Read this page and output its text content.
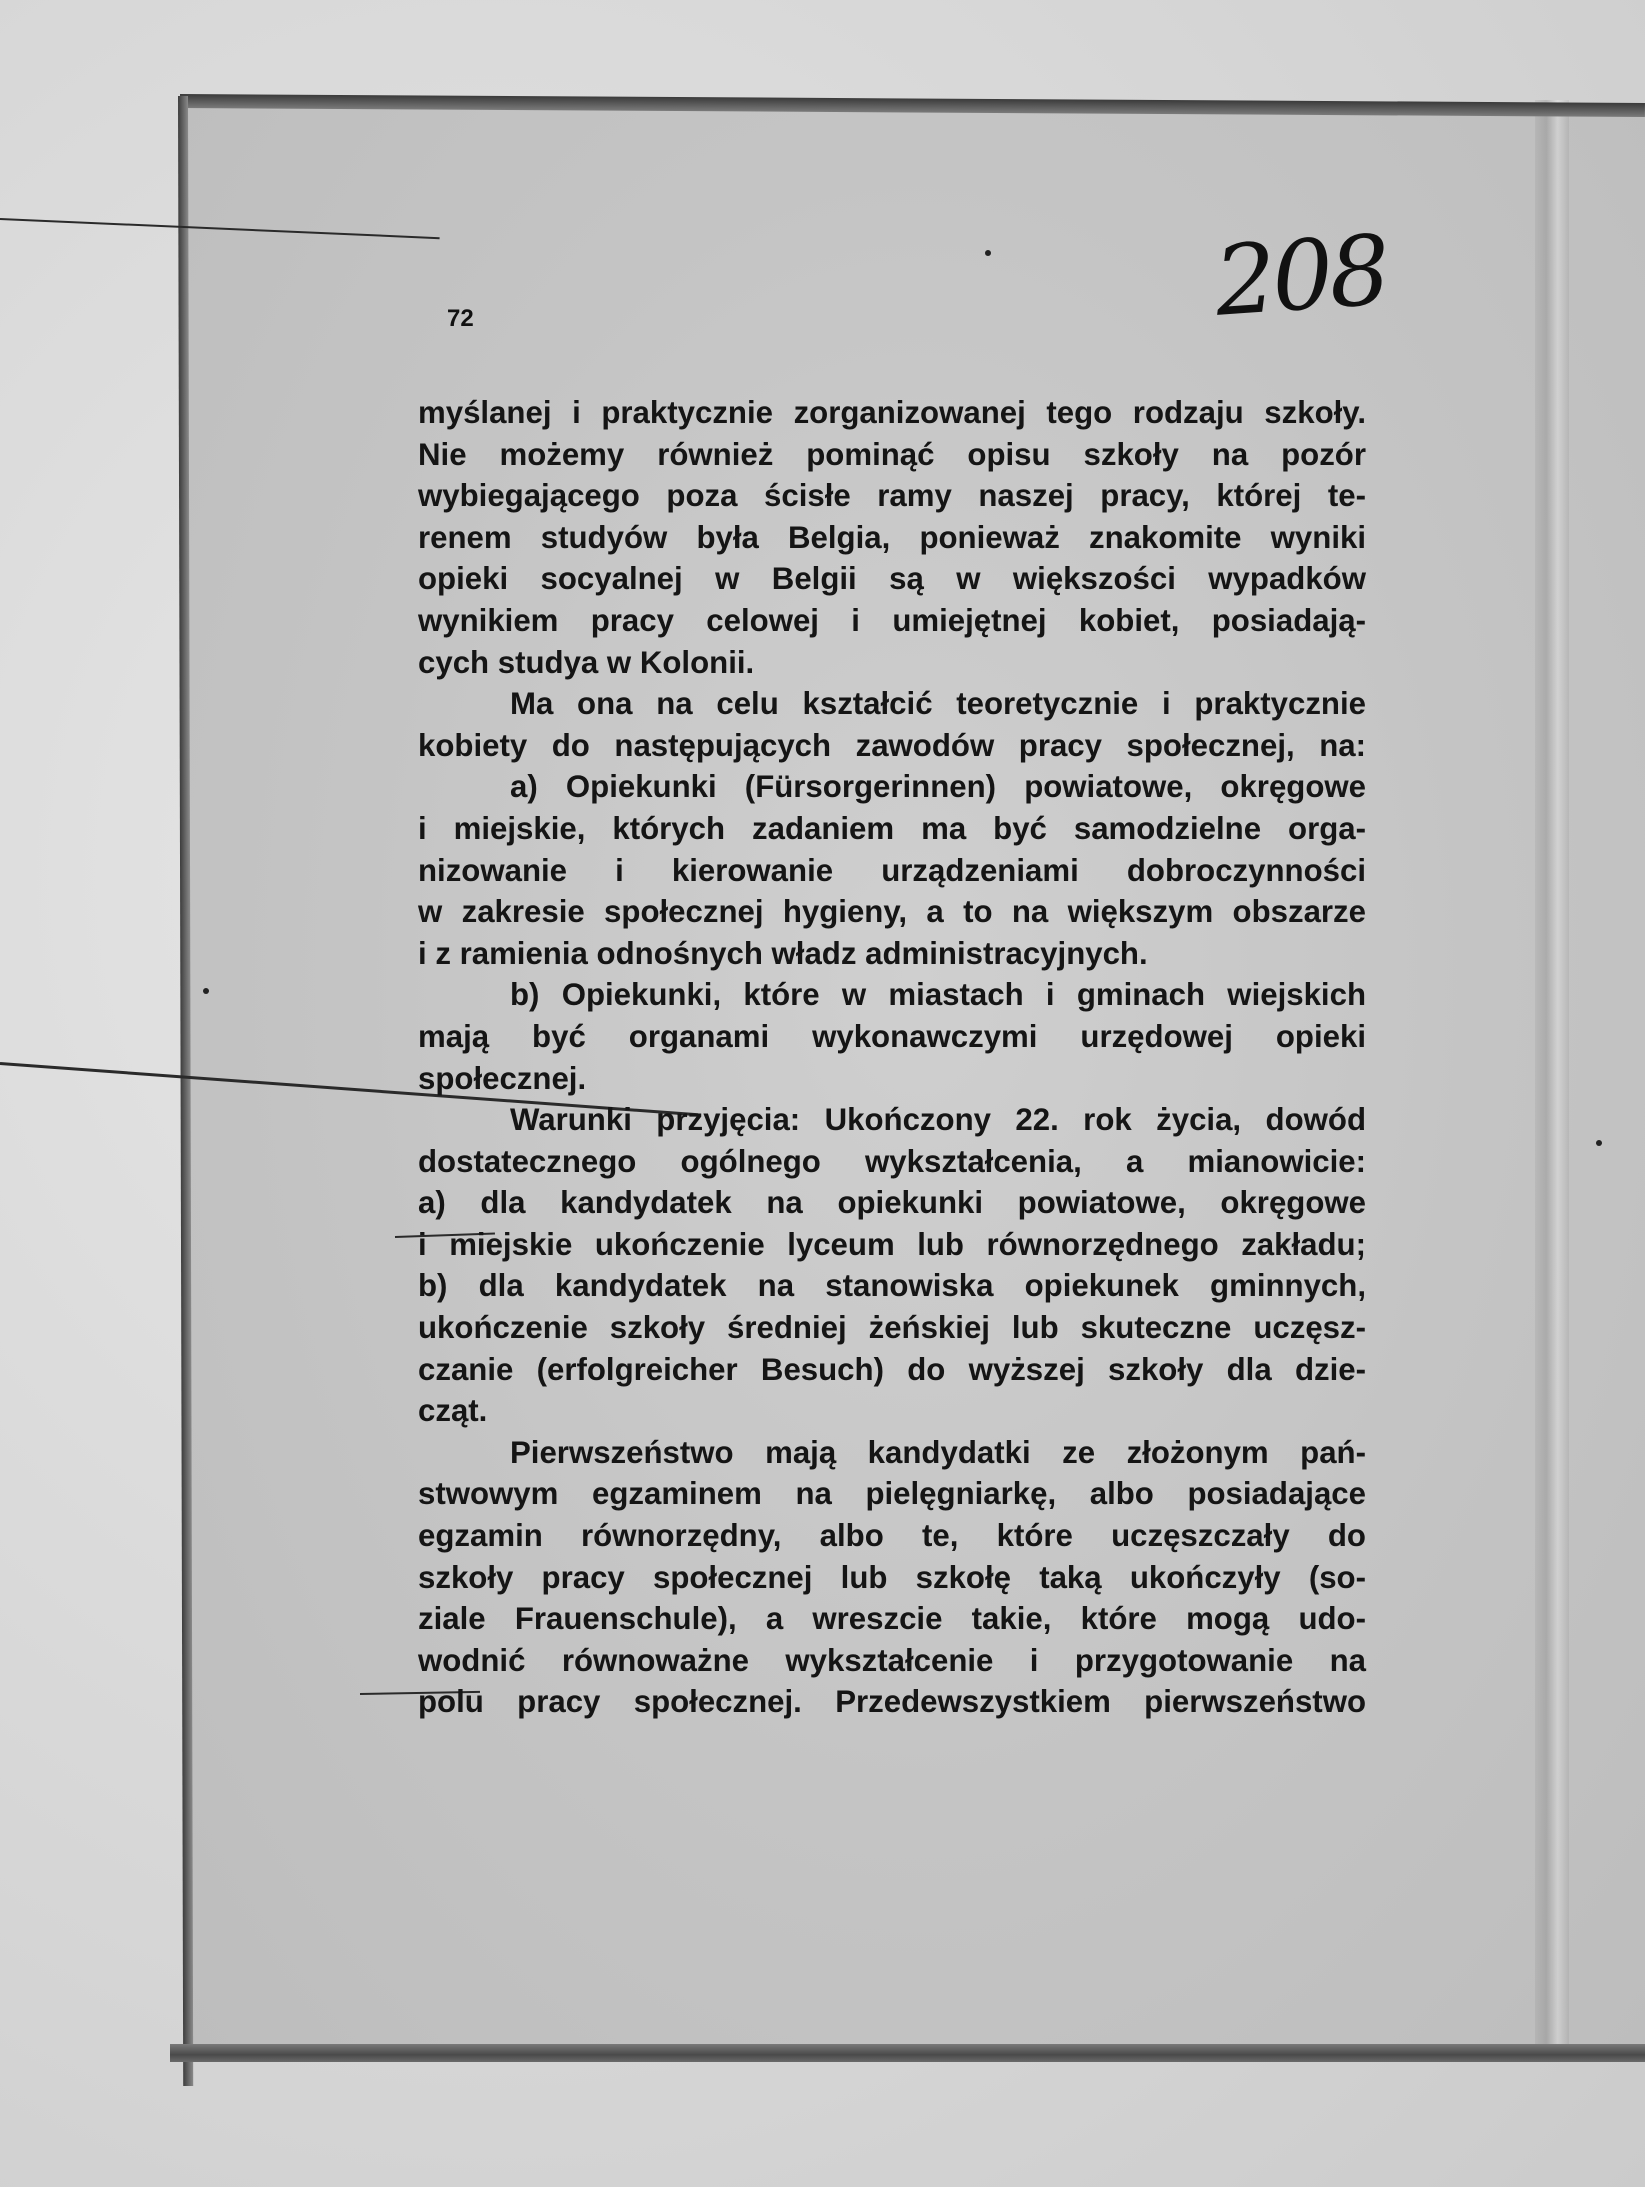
208
72
myślanej i praktycznie zorganizowanej tego rodzaju szkoły.
Nie możemy również pominąć opisu szkoły na pozór
wybiegającego poza ścisłe ramy naszej pracy, której te-
renem studyów była Belgia, ponieważ znakomite wyniki
opieki socyalnej w Belgii są w większości wypadków
wynikiem pracy celowej i umiejętnej kobiet, posiadają-
cych studya w Kolonii.
Ma ona na celu kształcić teoretycznie i praktycznie
kobiety do następujących zawodów pracy społecznej, na:
a) Opiekunki (Fürsorgerinnen) powiatowe, okręgowe
i miejskie, których zadaniem ma być samodzielne orga-
nizowanie i kierowanie urządzeniami dobroczynności
w zakresie społecznej hygieny, a to na większym obszarze
i z ramienia odnośnych władz administracyjnych.
b) Opiekunki, które w miastach i gminach wiejskich
mają być organami wykonawczymi urzędowej opieki
społecznej.
Warunki przyjęcia: Ukończony 22. rok życia, dowód
dostatecznego ogólnego wykształcenia, a mianowicie:
a) dla kandydatek na opiekunki powiatowe, okręgowe
i miejskie ukończenie lyceum lub równorzędnego zakładu;
b) dla kandydatek na stanowiska opiekunek gminnych,
ukończenie szkoły średniej żeńskiej lub skuteczne uczęsz-
czanie (erfolgreicher Besuch) do wyższej szkoły dla dzie-
cząt.
Pierwszeństwo mają kandydatki ze złożonym pań-
stwowym egzaminem na pielęgniarkę, albo posiadające
egzamin równorzędny, albo te, które uczęszczały do
szkoły pracy społecznej lub szkołę taką ukończyły (so-
ziale Frauenschule), a wreszcie takie, które mogą udo-
wodnić równoważne wykształcenie i przygotowanie na
polu pracy społecznej. Przedewszystkiem pierwszeństwo
